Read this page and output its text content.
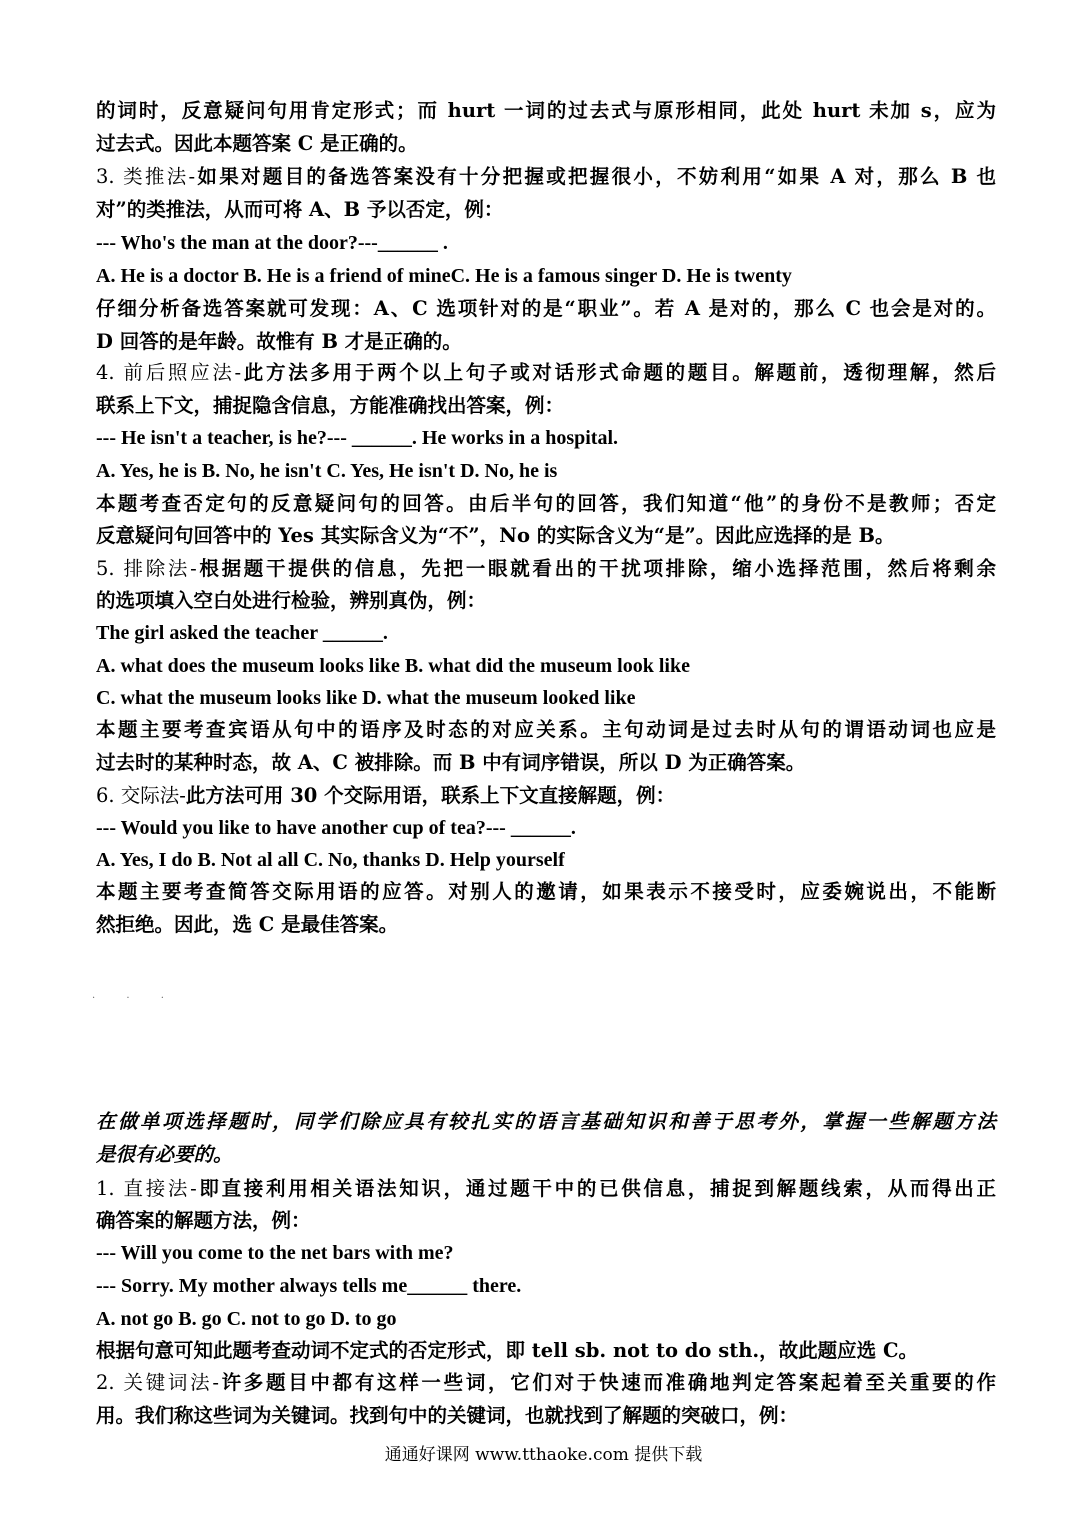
的词时，反意疑问句用肯定形式；而 hurt 一词的过去式与原形相同，此处 hurt 未加 s，应为
过去式。因此本题答案 C 是正确的。
3. 类推法-如果对题目的备选答案没有十分把握或把握很小，不妨利用“如果 A 对，那么 B 也
对”的类推法，从而可将 A、B 予以否定，例：
--- Who's the man at the door?---______ .
A. He is a doctor B. He is a friend of mineC. He is a famous singer D. He is twenty
仔细分析备选答案就可发现：A、C 选项针对的是“职业”。若 A 是对的，那么 C 也会是对的。
D 回答的是年龄。故惟有 B 才是正确的。
4. 前后照应法-此方法多用于两个以上句子或对话形式命题的题目。解题前，透彻理解，然后
联系上下文，捕捉隐含信息，方能准确找出答案，例：
--- He isn't a teacher, is he?--- ______. He works in a hospital.
A. Yes, he is B. No, he isn't C. Yes, He isn't D. No, he is
本题考查否定句的反意疑问句的回答。由后半句的回答，我们知道“他”的身份不是教师；否定
反意疑问句回答中的 Yes 其实际含义为“不”，No 的实际含义为“是”。因此应选择的是 B。
5. 排除法-根据题干提供的信息，先把一眼就看出的干扰项排除，缩小选择范围，然后将剩余
的选项填入空白处进行检验，辨别真伪，例：
The girl asked the teacher ______.
A. what does the museum looks like B. what did the museum look like
C. what the museum looks like D. what the museum looked like
本题主要考查宾语从句中的语序及时态的对应关系。主句动词是过去时从句的谓语动词也应是
过去时的某种时态，故 A、C 被排除。而 B 中有词序错误，所以 D 为正确答案。
6. 交际法-此方法可用 30 个交际用语，联系上下文直接解题，例：
--- Would you like to have another cup of tea?--- ______.
A. Yes, I do B. Not al all C. No, thanks D. Help yourself
本题主要考查简答交际用语的应答。对别人的邀请，如果表示不接受时，应委婉说出，不能断
然拒绝。因此，选 C 是最佳答案。
. . .
在做单项选择题时，同学们除应具有较扎实的语言基础知识和善于思考外，掌握一些解题方法
是很有必要的。
1. 直接法-即直接利用相关语法知识，通过题干中的已供信息，捕捉到解题线索，从而得出正
确答案的解题方法，例：
--- Will you come to the net bars with me?
--- Sorry. My mother always tells me______ there.
A. not go B. go C. not to go D. to go
根据句意可知此题考查动词不定式的否定形式，即 tell sb. not to do sth.，故此题应选 C。
2. 关键词法-许多题目中都有这样一些词，它们对于快速而准确地判定答案起着至关重要的作
用。我们称这些词为关键词。找到句中的关键词，也就找到了解题的突破口，例：
通通好课网 www.tthaoke.com 提供下载
